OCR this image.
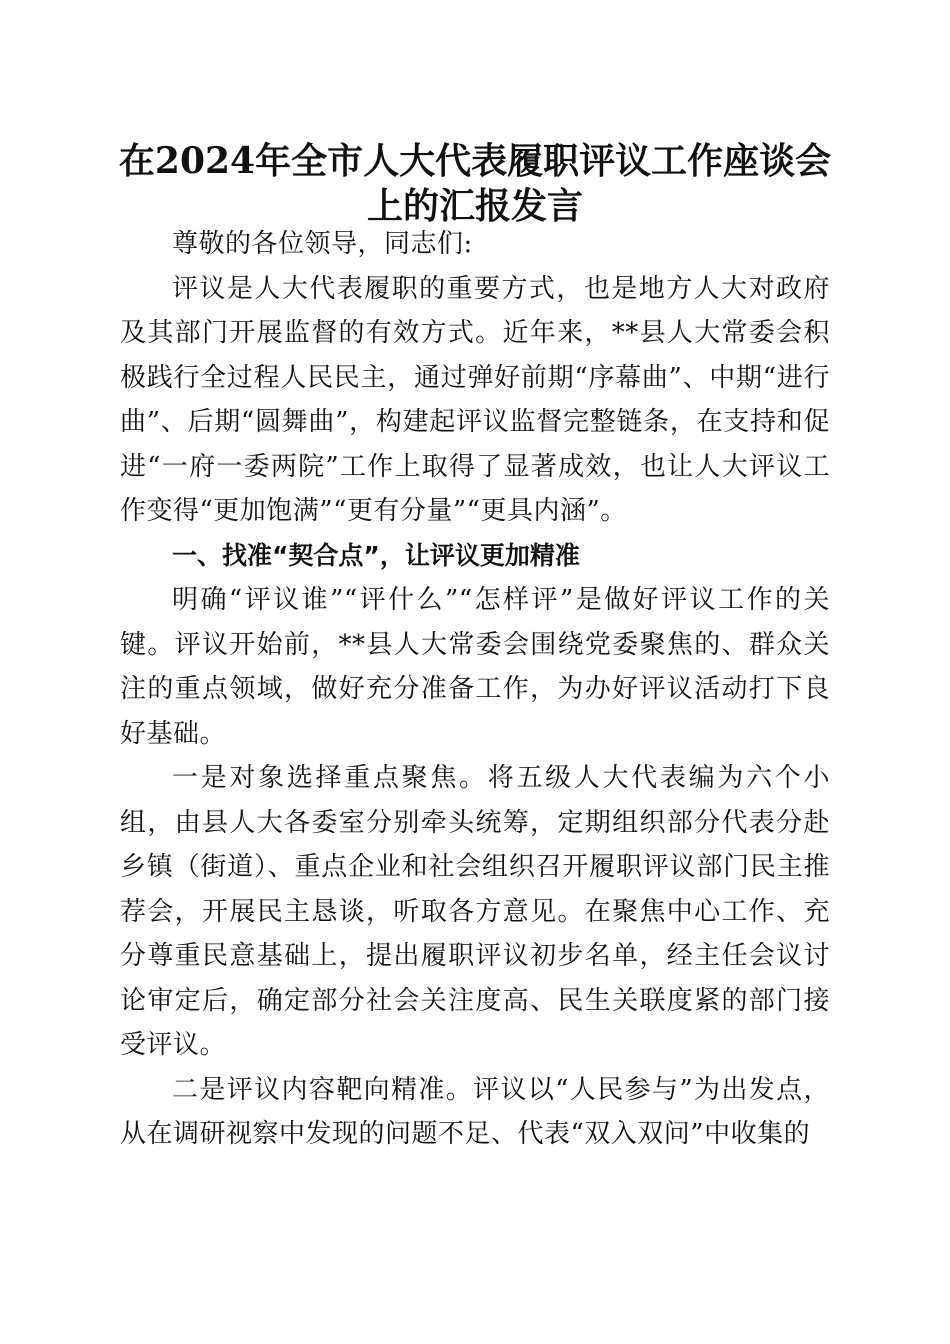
在2024年全市人大代表履职评议工作座谈会
上的汇报发言

尊敬的各位领导，同志们:

评议是人大代表履职的重要方式，也是地方人大对政府及其部门开展监督的有效方式。近年来，**县人大常委会积极践行全过程人民民主，通过弹好前期“序幕曲”、中期“进行曲”、后期“圆舞曲”，构建起评议监督完整链条，在支持和促进“一府一委两院”工作上取得了显著成效，也让人大评议工作变得“更加饱满”“更有分量”“更具内涵”。

一、找准“契合点”，让评议更加精准

明确“评议谁”“评什么”“怎样评”是做好评议工作的关键。评议开始前，**县人大常委会围绕党委聚焦的、群众关注的重点领域，做好充分准备工作，为办好评议活动打下良好基础。

一是对象选择重点聚焦。将五级人大代表编为六个小组，由县人大各委室分别牵头统筹，定期组织部分代表分赴乡镇（街道）、重点企业和社会组织召开履职评议部门民主推荐会，开展民主恳谈，听取各方意见。在聚焦中心工作、充分尊重民意基础上，提出履职评议初步名单，经主任会议讨论审定后，确定部分社会关注度高、民生关联度紧的部门接受评议。

二是评议内容靶向精准。评议以“人民参与”为出发点，从在调研视察中发现的问题不足、代表“双入双问”中收集的
